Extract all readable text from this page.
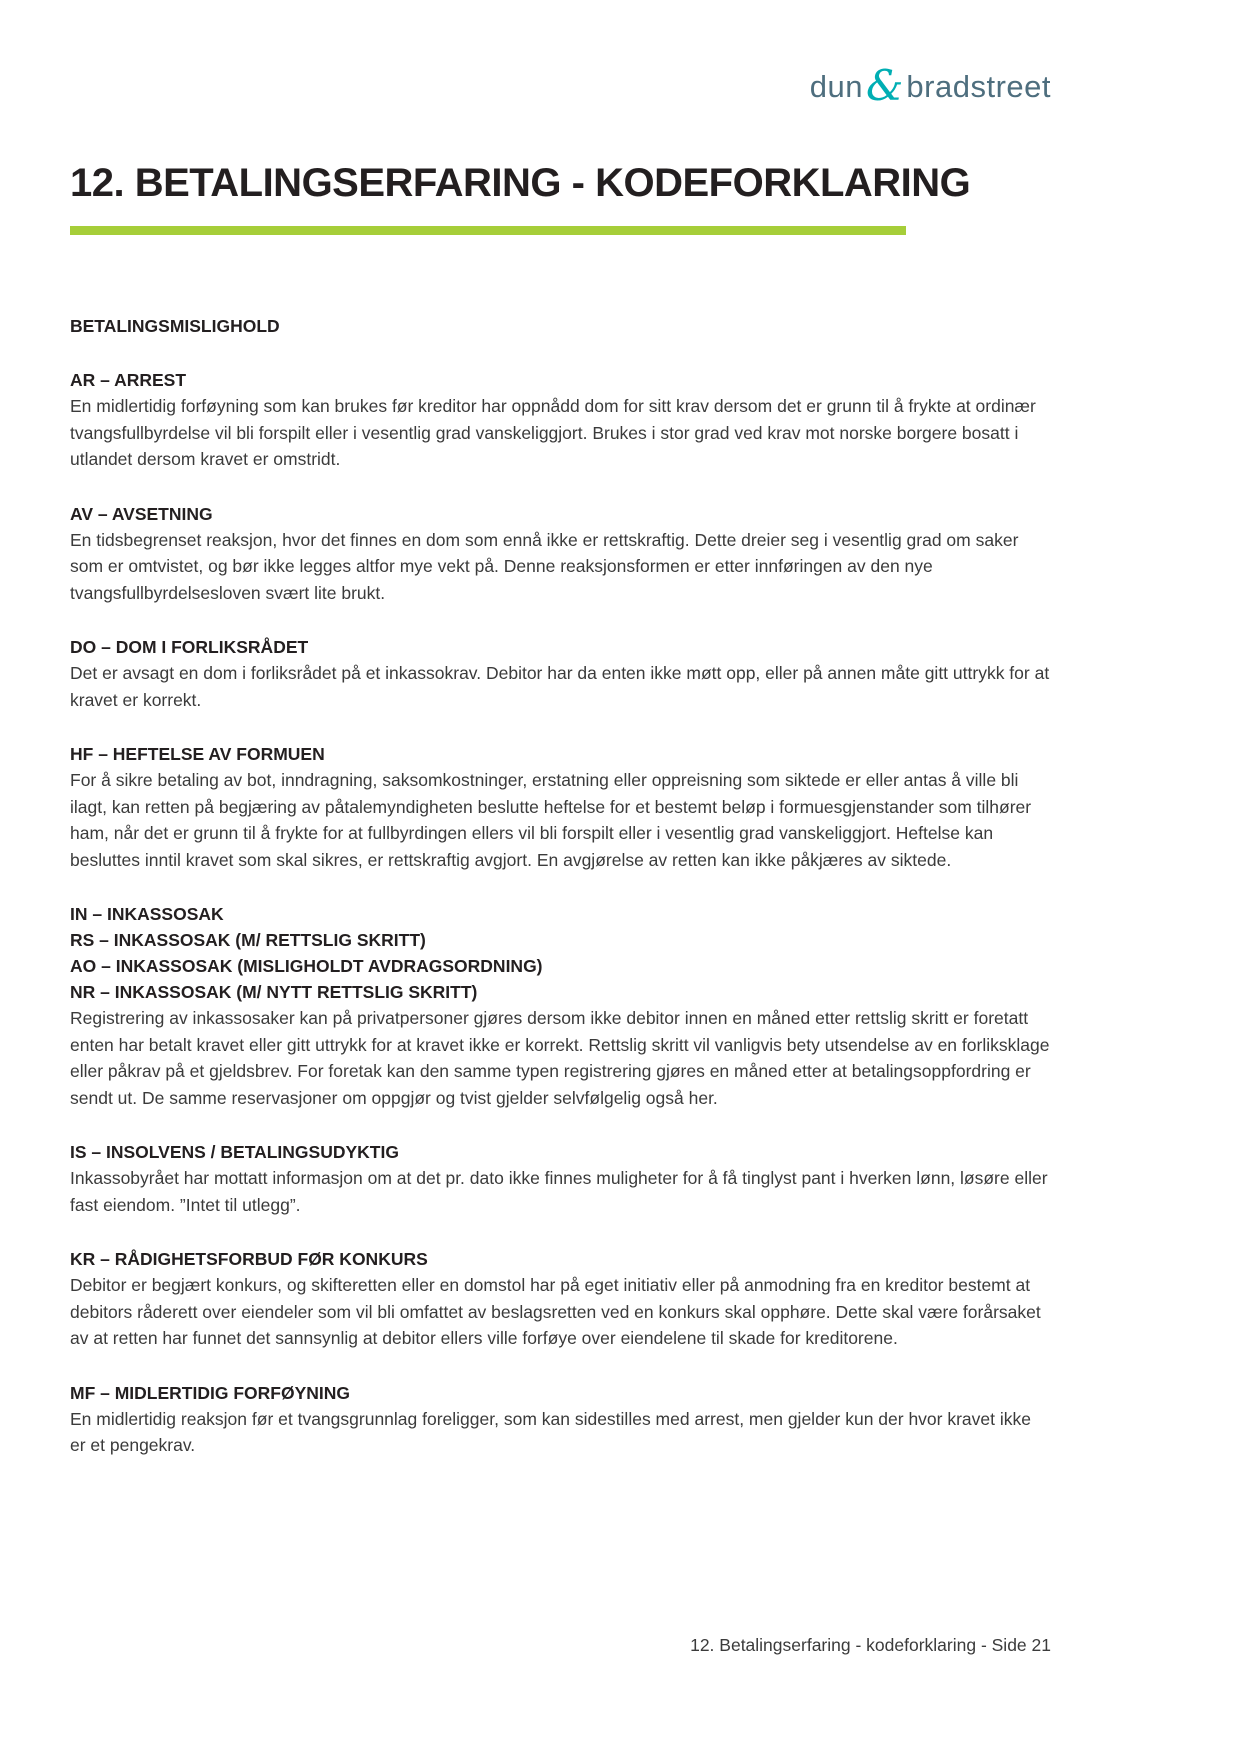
dun & bradstreet
12. BETALINGSERFARING - KODEFORKLARING
BETALINGSMISLIGHOLD
AR – ARREST

En midlertidig forføyning som kan brukes før kreditor har oppnådd dom for sitt krav dersom det er grunn til å frykte at ordinær tvangsfullbyrdelse vil bli forspilt eller i vesentlig grad vanskeliggjort. Brukes i stor grad ved krav mot norske borgere bosatt i utlandet dersom kravet er omstridt.

AV – AVSETNING

En tidsbegrenset reaksjon, hvor det finnes en dom som ennå ikke er rettskraftig. Dette dreier seg i vesentlig grad om saker som er omtvistet, og bør ikke legges altfor mye vekt på. Denne reaksjonsformen er etter innføringen av den nye tvangsfullbyrdelsesloven svært lite brukt.

DO – DOM I FORLIKSRÅDET

Det er avsagt en dom i forliksrådet på et inkassokrav. Debitor har da enten ikke møtt opp, eller på annen måte gitt uttrykk for at kravet er korrekt.

HF – HEFTELSE AV FORMUEN

For å sikre betaling av bot, inndragning, saksomkostninger, erstatning eller oppreisning som siktede er eller antas å ville bli ilagt, kan retten på begjæring av påtalemyndigheten beslutte heftelse for et bestemt beløp i formuesgjenstander som tilhører ham, når det er grunn til å frykte for at fullbyrdingen ellers vil bli forspilt eller i vesentlig grad vanskeliggjort. Heftelse kan besluttes inntil kravet som skal sikres, er rettskraftig avgjort. En avgjørelse av retten kan ikke påkjæres av siktede.

IN – INKASSOSAK
RS – INKASSOSAK (M/ RETTSLIG SKRITT)
AO – INKASSOSAK (MISLIGHOLDT AVDRAGSORDNING)
NR – INKASSOSAK (M/ NYTT RETTSLIG SKRITT)

Registrering av inkassosaker kan på privatpersoner gjøres dersom ikke debitor innen en måned etter rettslig skritt er foretatt enten har betalt kravet eller gitt uttrykk for at kravet ikke er korrekt. Rettslig skritt vil vanligvis bety utsendelse av en forliksklage eller påkrav på et gjeldsbrev. For foretak kan den samme typen registrering gjøres en måned etter at betalingsoppfordring er sendt ut. De samme reservasjoner om oppgjør og tvist gjelder selvfølgelig også her.

IS – INSOLVENS / BETALINGSUDYKTIG

Inkassobyrået har mottatt informasjon om at det pr. dato ikke finnes muligheter for å få tinglyst pant i hverken lønn, løsøre eller fast eiendom. ”Intet til utlegg”.

KR – RÅDIGHETSFORBUD FØR KONKURS

Debitor er begjært konkurs, og skifteretten eller en domstol har på eget initiativ eller på anmodning fra en kreditor bestemt at debitors råderett over eiendeler som vil bli omfattet av beslagsretten ved en konkurs skal opphøre. Dette skal være forårsaket av at retten har funnet det sannsynlig at debitor ellers ville forføye over eiendelene til skade for kreditorene.

MF – MIDLERTIDIG FORFØYNING

En midlertidig reaksjon før et tvangsgrunnlag foreligger, som kan sidestilles med arrest, men gjelder kun der hvor kravet ikke er et pengekrav.

12. Betalingserfaring - kodeforklaring - Side 21
